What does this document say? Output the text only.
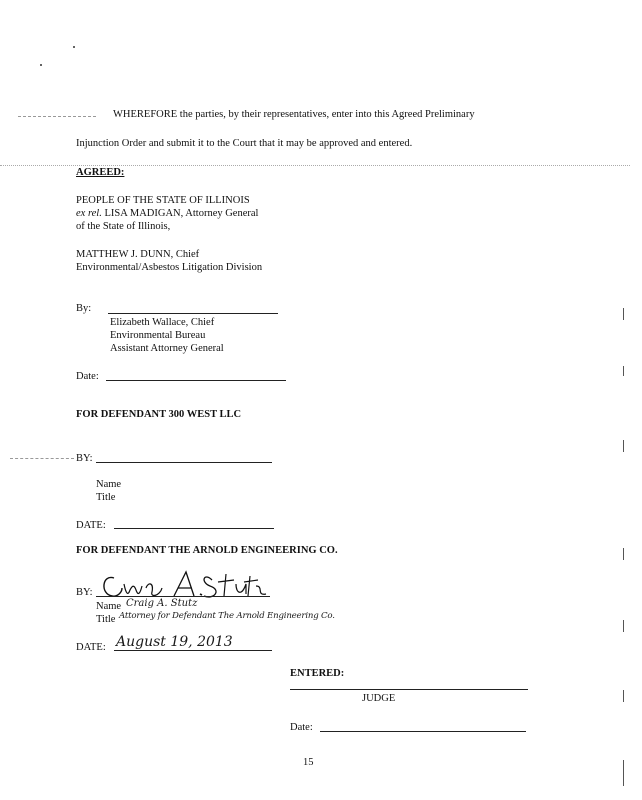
WHEREFORE the parties, by their representatives, enter into this Agreed Preliminary
Injunction Order and submit it to the Court that it may be approved and entered.
AGREED:
PEOPLE OF THE STATE OF ILLINOIS
ex rel. LISA MADIGAN, Attorney General
of the State of Illinois,
MATTHEW J. DUNN, Chief
Environmental/Asbestos Litigation Division
By:
Elizabeth Wallace, Chief
Environmental Bureau
Assistant Attorney General
Date:
FOR DEFENDANT 300 WEST LLC
BY:
Name
Title
DATE:
FOR DEFENDANT THE ARNOLD ENGINEERING CO.
BY:
Name Craig A. Stutz
Title Attorney for Defendant The Arnold Engineering Co.
DATE: August 19, 2013
ENTERED:
JUDGE
Date:
15
